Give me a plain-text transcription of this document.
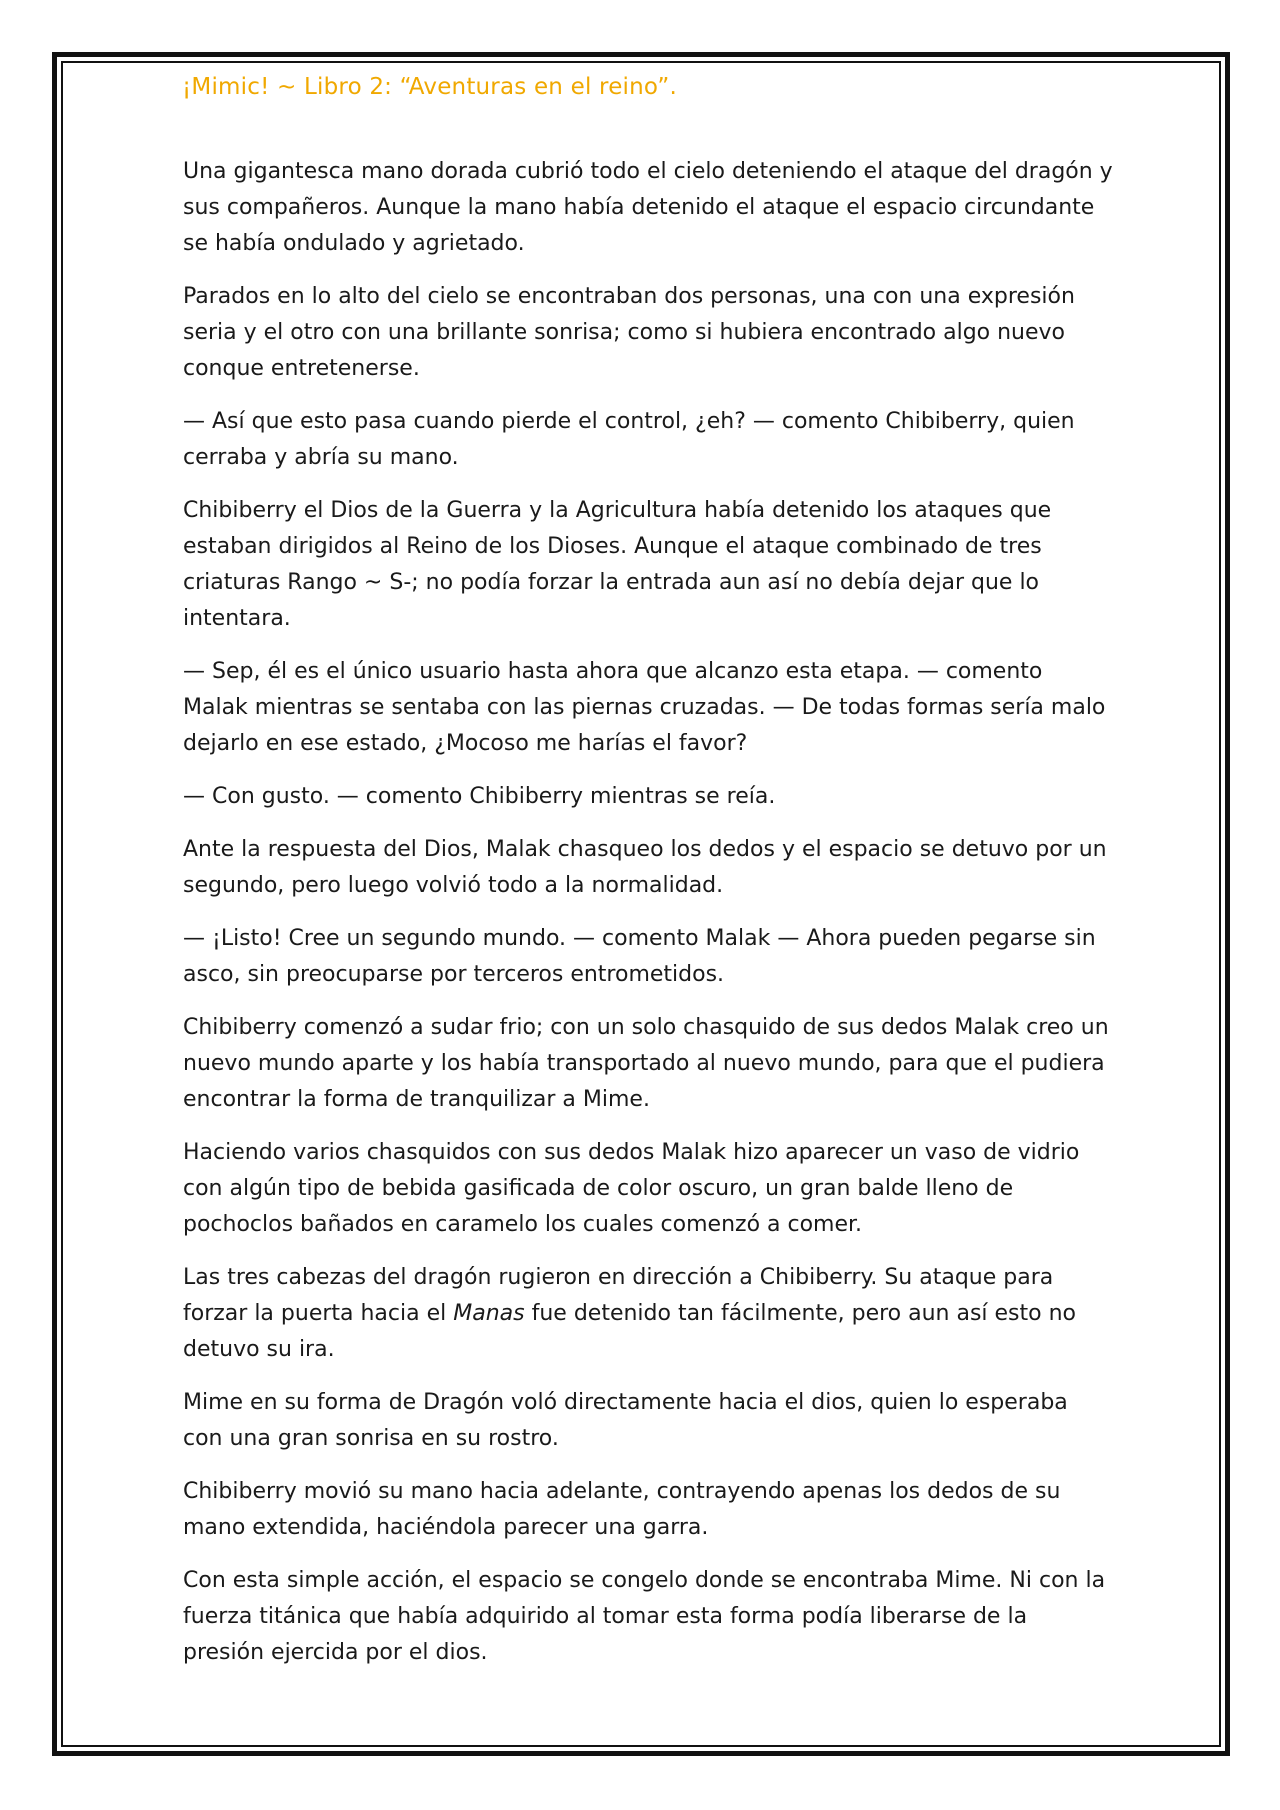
¡Mimic! ~ Libro 2: “Aventuras en el reino”.

Una gigantesca mano dorada cubrió todo el cielo deteniendo el ataque del dragón y sus compañeros. Aunque la mano había detenido el ataque el espacio circundante se había ondulado y agrietado.

Parados en lo alto del cielo se encontraban dos personas, una con una expresión seria y el otro con una brillante sonrisa; como si hubiera encontrado algo nuevo conque entretenerse.

— Así que esto pasa cuando pierde el control, ¿eh? — comento Chibiberry, quien cerraba y abría su mano.

Chibiberry el Dios de la Guerra y la Agricultura había detenido los ataques que estaban dirigidos al Reino de los Dioses. Aunque el ataque combinado de tres criaturas Rango ~ S-; no podía forzar la entrada aun así no debía dejar que lo intentara.

— Sep, él es el único usuario hasta ahora que alcanzo esta etapa. — comento Malak mientras se sentaba con las piernas cruzadas. — De todas formas sería malo dejarlo en ese estado, ¿Mocoso me harías el favor?

— Con gusto. — comento Chibiberry mientras se reía.

Ante la respuesta del Dios, Malak chasqueo los dedos y el espacio se detuvo por un segundo, pero luego volvió todo a la normalidad.

— ¡Listo! Cree un segundo mundo. — comento Malak — Ahora pueden pegarse sin asco, sin preocuparse por terceros entrometidos.

Chibiberry comenzó a sudar frio; con un solo chasquido de sus dedos Malak creo un nuevo mundo aparte y los había transportado al nuevo mundo, para que el pudiera encontrar la forma de tranquilizar a Mime.

Haciendo varios chasquidos con sus dedos Malak hizo aparecer un vaso de vidrio con algún tipo de bebida gasificada de color oscuro, un gran balde lleno de pochoclos bañados en caramelo los cuales comenzó a comer.

Las tres cabezas del dragón rugieron en dirección a Chibiberry. Su ataque para forzar la puerta hacia el Manas fue detenido tan fácilmente, pero aun así esto no detuvo su ira.

Mime en su forma de Dragón voló directamente hacia el dios, quien lo esperaba con una gran sonrisa en su rostro.

Chibiberry movió su mano hacia adelante, contrayendo apenas los dedos de su mano extendida, haciéndola parecer una garra.

Con esta simple acción, el espacio se congelo donde se encontraba Mime. Ni con la fuerza titánica que había adquirido al tomar esta forma podía liberarse de la presión ejercida por el dios.
